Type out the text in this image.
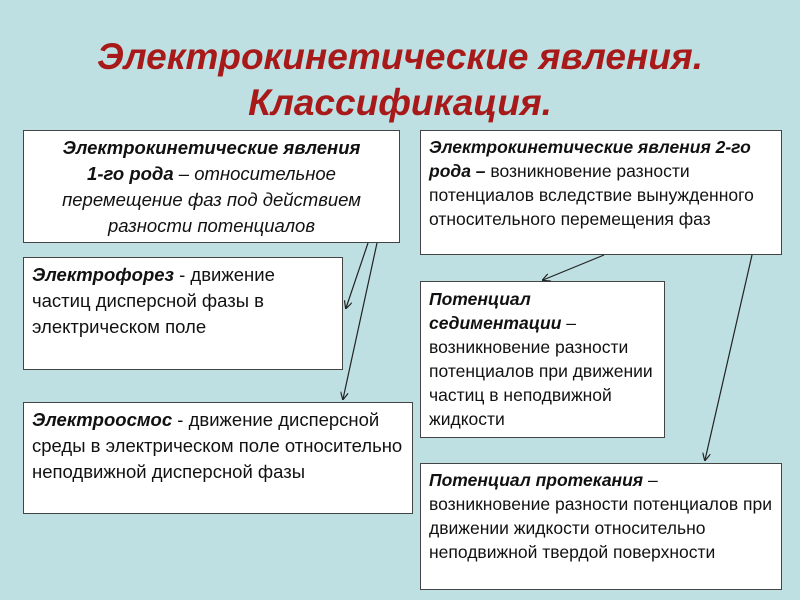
Электрокинетические явления.
Классификация.

Электрокинетические явления

1-го рода – относительное

перемещение фаз под действием

разности потенциалов

Электрокинетические явления 2-го рода – возникновение разности потенциалов вследствие вынужденного относительного перемещения фаз
Электрофорез - движение частиц дисперсной фазы в электрическом поле
Потенциал седиментации – возникновение разности потенциалов при движении частиц в неподвижной жидкости
Электроосмос - движение дисперсной среды в электрическом поле относительно неподвижной дисперсной фазы	Потенциал протекания – возникновение разности потенциалов при движении жидкости относительно неподвижной твердой поверхности
